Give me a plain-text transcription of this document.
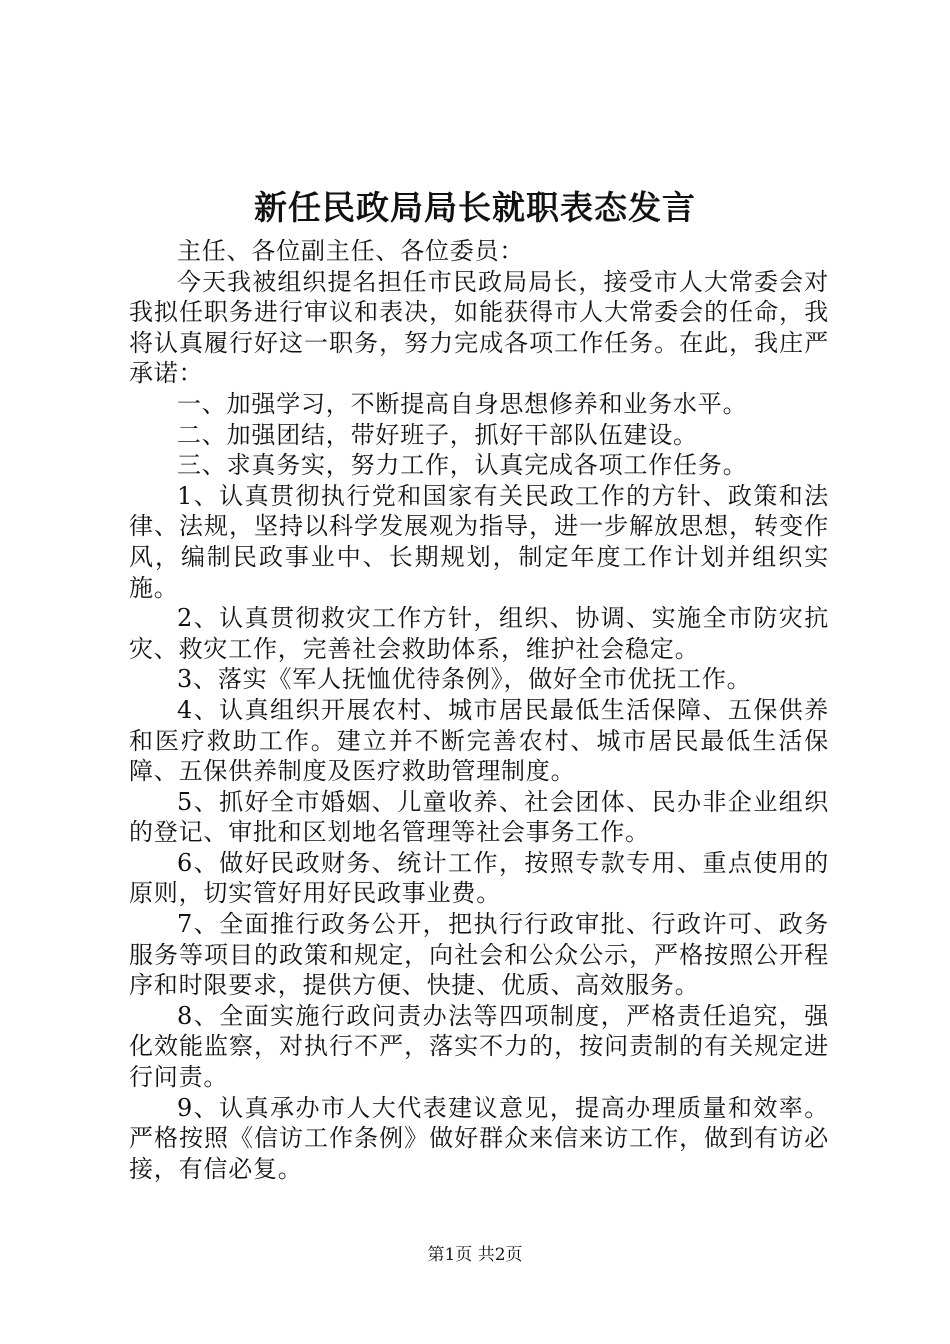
新任民政局局长就职表态发言

主任、各位副主任、各位委员：

今天我被组织提名担任市民政局局长，接受市人大常委会对我拟任职务进行审议和表决，如能获得市人大常委会的任命，我将认真履行好这一职务，努力完成各项工作任务。在此，我庄严承诺：

一、加强学习，不断提高自身思想修养和业务水平。

二、加强团结，带好班子，抓好干部队伍建设。

三、求真务实，努力工作，认真完成各项工作任务。

1、认真贯彻执行党和国家有关民政工作的方针、政策和法律、法规，坚持以科学发展观为指导，进一步解放思想，转变作风，编制民政事业中、长期规划，制定年度工作计划并组织实施。

2、认真贯彻救灾工作方针，组织、协调、实施全市防灾抗灾、救灾工作，完善社会救助体系，维护社会稳定。

3、落实《军人抚恤优待条例》，做好全市优抚工作。

4、认真组织开展农村、城市居民最低生活保障、五保供养和医疗救助工作。建立并不断完善农村、城市居民最低生活保障、五保供养制度及医疗救助管理制度。

5、抓好全市婚姻、儿童收养、社会团体、民办非企业组织的登记、审批和区划地名管理等社会事务工作。

6、做好民政财务、统计工作，按照专款专用、重点使用的原则，切实管好用好民政事业费。

7、全面推行政务公开，把执行行政审批、行政许可、政务服务等项目的政策和规定，向社会和公众公示，严格按照公开程序和时限要求，提供方便、快捷、优质、高效服务。

8、全面实施行政问责办法等四项制度，严格责任追究，强化效能监察，对执行不严，落实不力的，按问责制的有关规定进行问责。

9、认真承办市人大代表建议意见，提高办理质量和效率。严格按照《信访工作条例》做好群众来信来访工作，做到有访必接，有信必复。

第1页 共2页
